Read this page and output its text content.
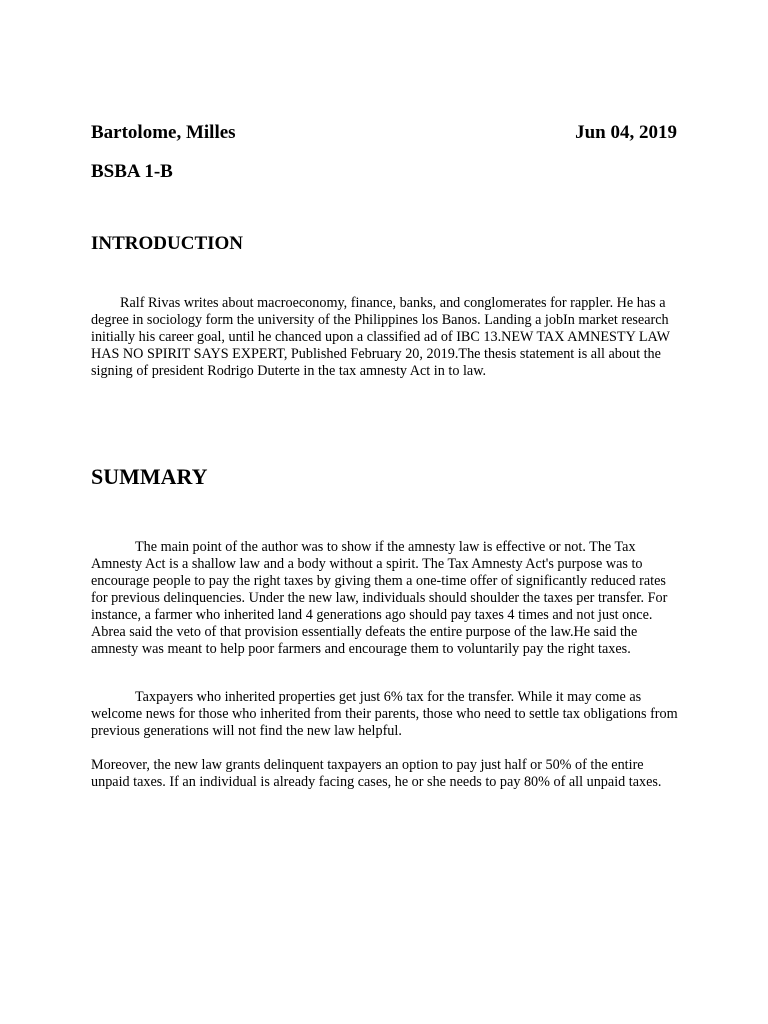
Bartolome, Milles	Jun 04, 2019
BSBA 1-B
INTRODUCTION

Ralf Rivas writes about macroeconomy, finance, banks, and conglomerates for rappler. He has a degree in sociology form the university of the Philippines los Banos. Landing a jobIn market research initially his career goal, until he chanced upon a classified ad of IBC 13.NEW TAX AMNESTY LAW HAS NO SPIRIT SAYS EXPERT, Published February 20, 2019.The thesis statement is all about the signing of president Rodrigo Duterte in the tax amnesty Act in to law.

SUMMARY

The main point of the author was to show if the amnesty law is effective or not. The Tax Amnesty Act is a shallow law and a body without a spirit. The Tax Amnesty Act's purpose was to encourage people to pay the right taxes by giving them a one-time offer of significantly reduced rates for previous delinquencies. Under the new law, individuals should shoulder the taxes per transfer. For instance, a farmer who inherited land 4 generations ago should pay taxes 4 times and not just once. Abrea said the veto of that provision essentially defeats the entire purpose of the law.He said the amnesty was meant to help poor farmers and encourage them to voluntarily pay the right taxes.

Taxpayers who inherited properties get just 6% tax for the transfer. While it may come as welcome news for those who inherited from their parents, those who need to settle tax obligations from previous generations will not find the new law helpful.

Moreover, the new law grants delinquent taxpayers an option to pay just half or 50% of the entire unpaid taxes. If an individual is already facing cases, he or she needs to pay 80% of all unpaid taxes.
